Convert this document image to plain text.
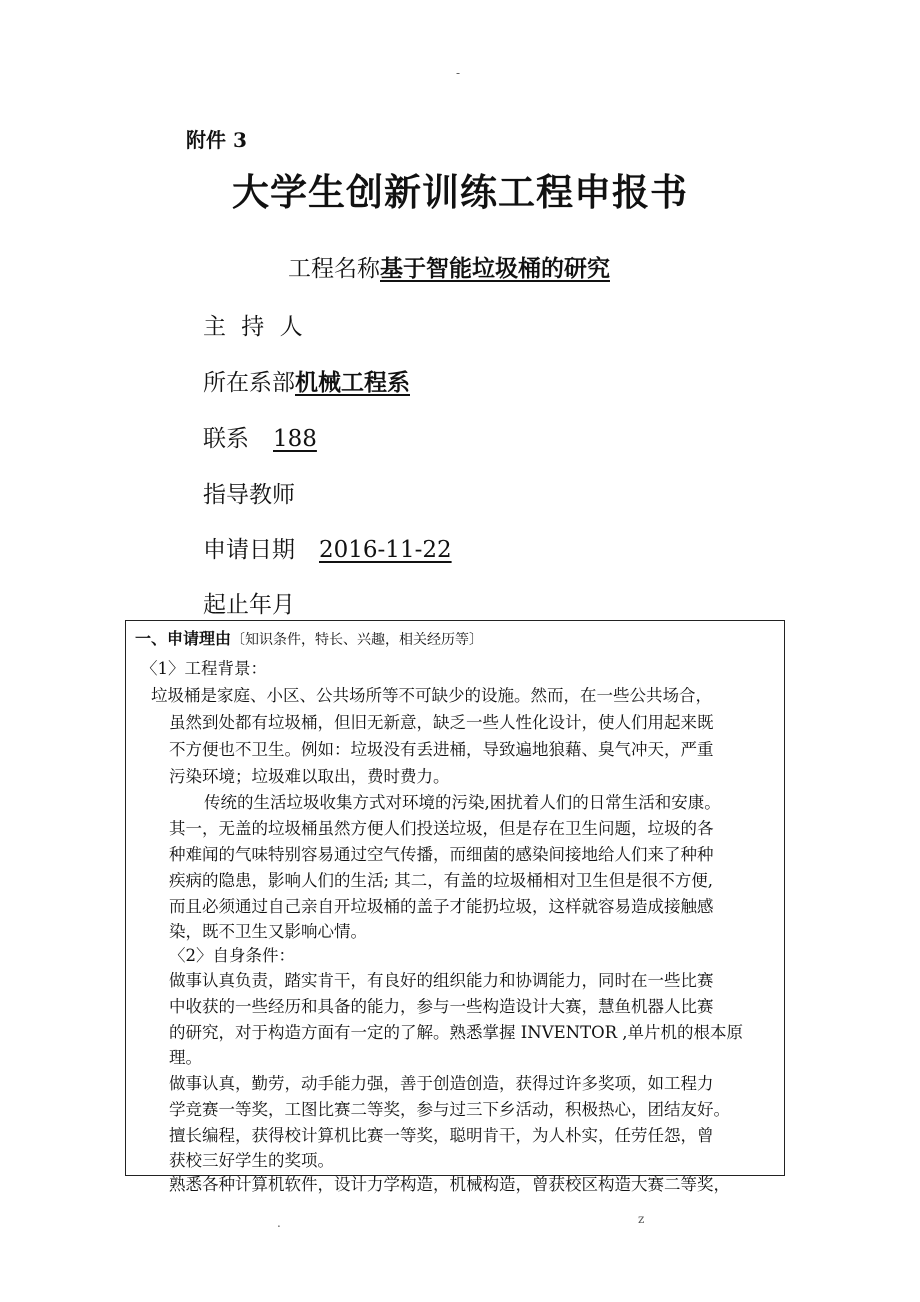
-
附件 3
大学生创新训练工程申报书
工程名称基于智能垃圾桶的研究
主 持 人
所在系部机械工程系
联系 188
指导教师
申请日期 2016-11-22
起止年月
一、申请理由〔知识条件，特长、兴趣，相关经历等〕
〈1〉工程背景：
垃圾桶是家庭、小区、公共场所等不可缺少的设施。然而，在一些公共场合，
虽然到处都有垃圾桶，但旧无新意，缺乏一些人性化设计，使人们用起来既
不方便也不卫生。例如：垃圾没有丢进桶，导致遍地狼藉、臭气冲天，严重
污染环境；垃圾难以取出，费时费力。
传统的生活垃圾收集方式对环境的污染,困扰着人们的日常生活和安康。
其一，无盖的垃圾桶虽然方便人们投送垃圾，但是存在卫生问题，垃圾的各
种难闻的气味特别容易通过空气传播，而细菌的感染间接地给人们来了种种
疾病的隐患，影响人们的生活; 其二，有盖的垃圾桶相对卫生但是很不方便,
而且必须通过自己亲自开垃圾桶的盖子才能扔垃圾，这样就容易造成接触感
染，既不卫生又影响心情。
〈2〉自身条件：
做事认真负责，踏实肯干，有良好的组织能力和协调能力，同时在一些比赛
中收获的一些经历和具备的能力，参与一些构造设计大赛，慧鱼机器人比赛
的研究，对于构造方面有一定的了解。熟悉掌握 INVENTOR ,单片机的根本原
理。
做事认真，勤劳，动手能力强，善于创造创造，获得过许多奖项，如工程力
学竞赛一等奖，工图比赛二等奖，参与过三下乡活动，积极热心，团结友好。
擅长编程，获得校计算机比赛一等奖，聪明肯干，为人朴实，任劳任怨，曾
获校三好学生的奖项。
熟悉各种计算机软件，设计力学构造，机械构造，曾获校区构造大赛二等奖，
.	z
